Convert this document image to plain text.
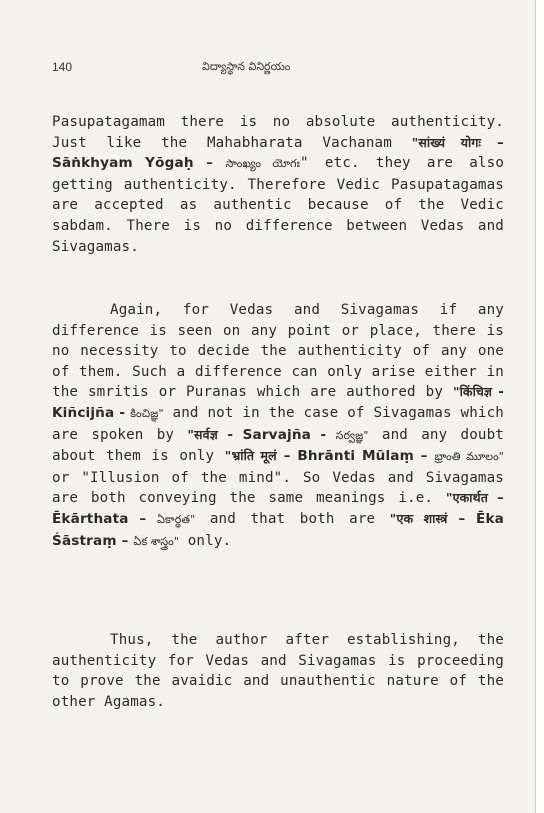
140	విద్యాస్థాన వినిర్ణయం

Pasupatagamam there is no absolute authenticity. Just like the Mahabharata Vachanam "सांख्यं योगः – Sāṅkhyam Yōgaḥ – సాంఖ్యం యోగః" etc. they are also getting authenticity. Therefore Vedic Pasupatagamas are accepted as authentic because of the Vedic sabdam. There is no difference between Vedas and Sivagamas.

Again, for Vedas and Sivagamas if any difference is seen on any point or place, there is no necessity to decide the authenticity of any one of them. Such a difference can only arise either in the smritis or Puranas which are authored by "किंचिज्ञ - Kiñcijña - కించిజ్ఞ" and not in the case of Sivagamas which are spoken by "सर्वज्ञ - Sarvajña - సర్వజ్ఞ" and any doubt about them is only "भ्रांति मूलं – Bhrānti Mūlaṃ – భ్రాంతి మూలం" or "Illusion of the mind". So Vedas and Sivagamas are both conveying the same meanings i.e. "एकार्थत – Ēkārthata – ఏకార్థత" and that both are "एक शास्त्रं – Ēka Śāstraṃ – ఏక శాస్త్రం" only.

Thus, the author after establishing, the authenticity for Vedas and Sivagamas is proceeding to prove the avaidic and unauthentic nature of the other Agamas.
